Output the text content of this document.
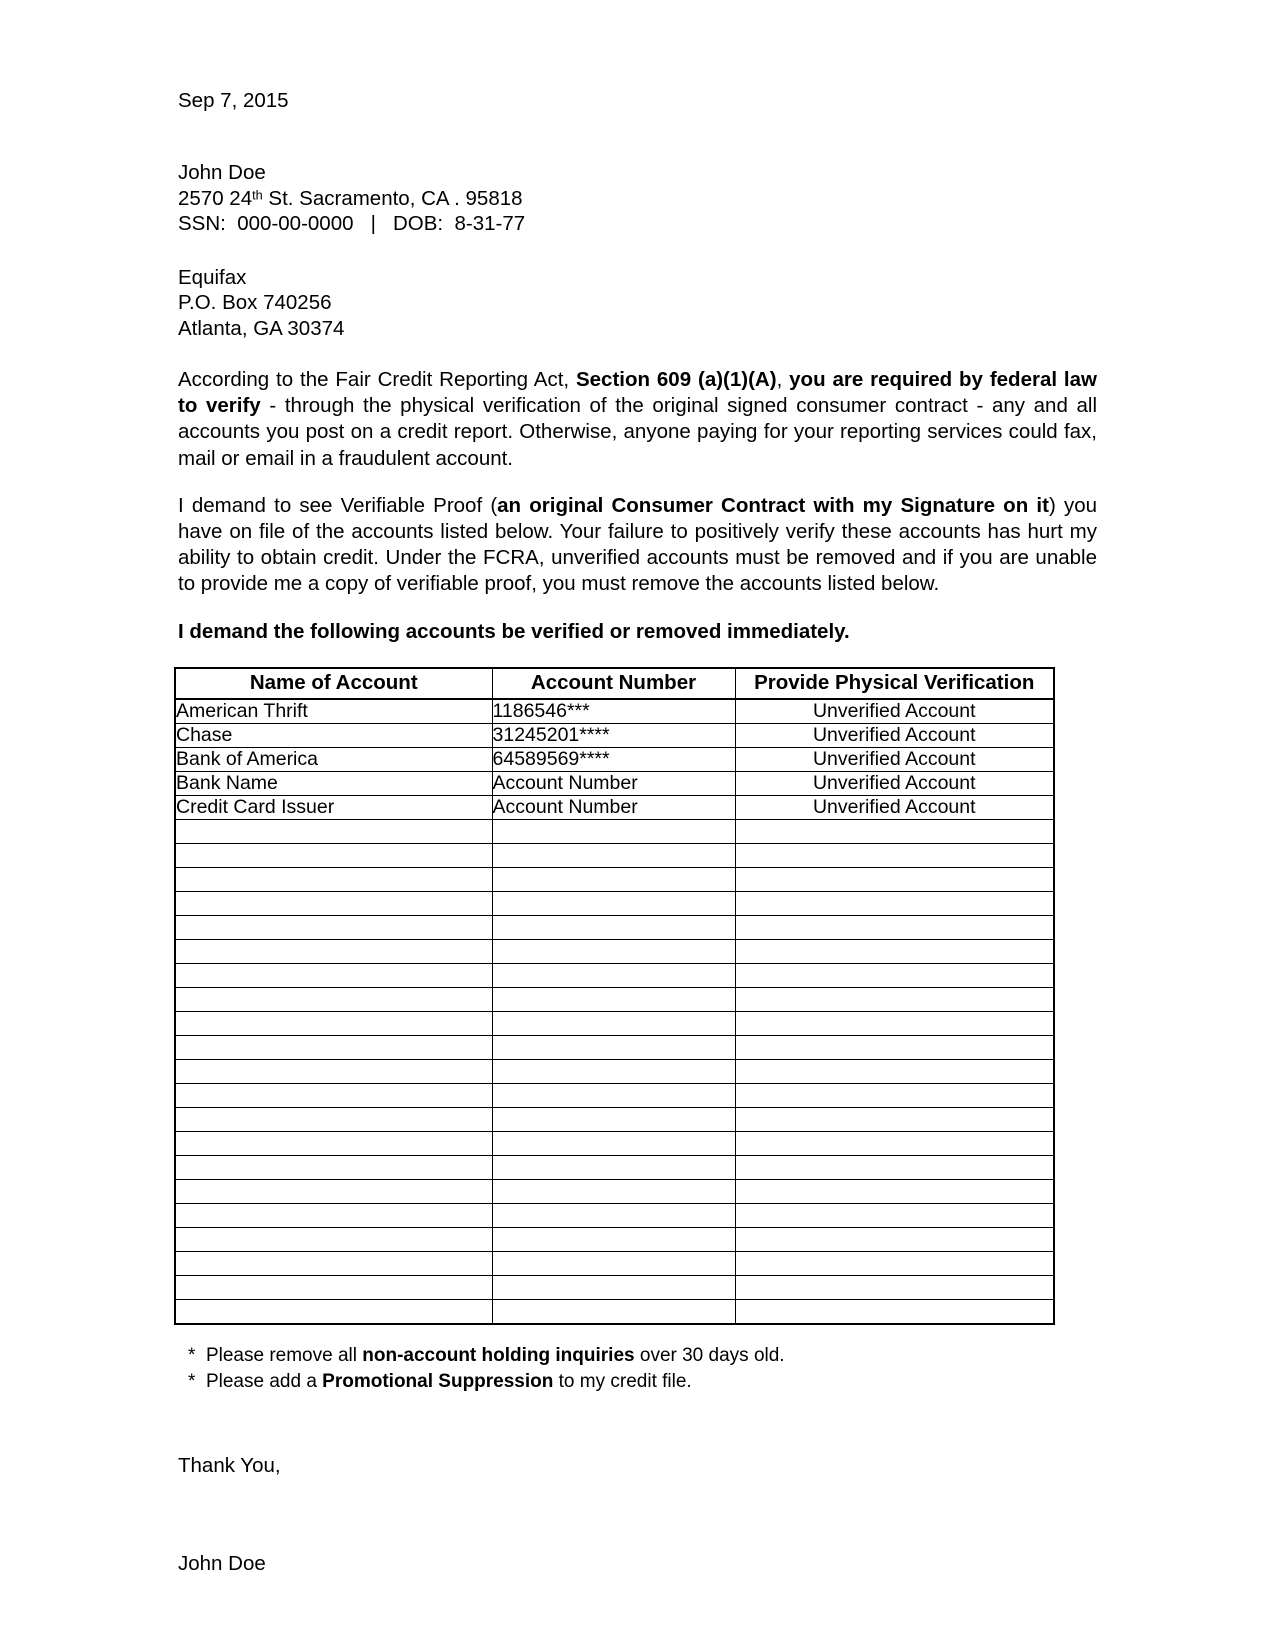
Sep 7, 2015
John Doe
2570 24th St. Sacramento, CA . 95818
SSN:  000-00-0000   |   DOB:  8-31-77
Equifax
P.O. Box 740256
Atlanta, GA 30374

According to the Fair Credit Reporting Act, Section 609 (a)(1)(A), you are required by federal law to verify - through the physical verification of the original signed consumer contract - any and all accounts you post on a credit report. Otherwise, anyone paying for your reporting services could fax, mail or email in a fraudulent account.

I demand to see Verifiable Proof (an original Consumer Contract with my Signature on it) you have on file of the accounts listed below. Your failure to positively verify these accounts has hurt my ability to obtain credit. Under the FCRA, unverified accounts must be removed and if you are unable to provide me a copy of verifiable proof, you must remove the accounts listed below.

I demand the following accounts be verified or removed immediately.
Name of Account	Account Number	Provide Physical Verification
American Thrift	1186546***	Unverified Account
Chase	31245201****	Unverified Account
Bank of America	64589569****	Unverified Account
Bank Name	Account Number	Unverified Account
Credit Card Issuer	Account Number	Unverified Account

*  Please remove all non-account holding inquiries over 30 days old.
*  Please add a Promotional Suppression to my credit file.
Thank You,
John Doe
